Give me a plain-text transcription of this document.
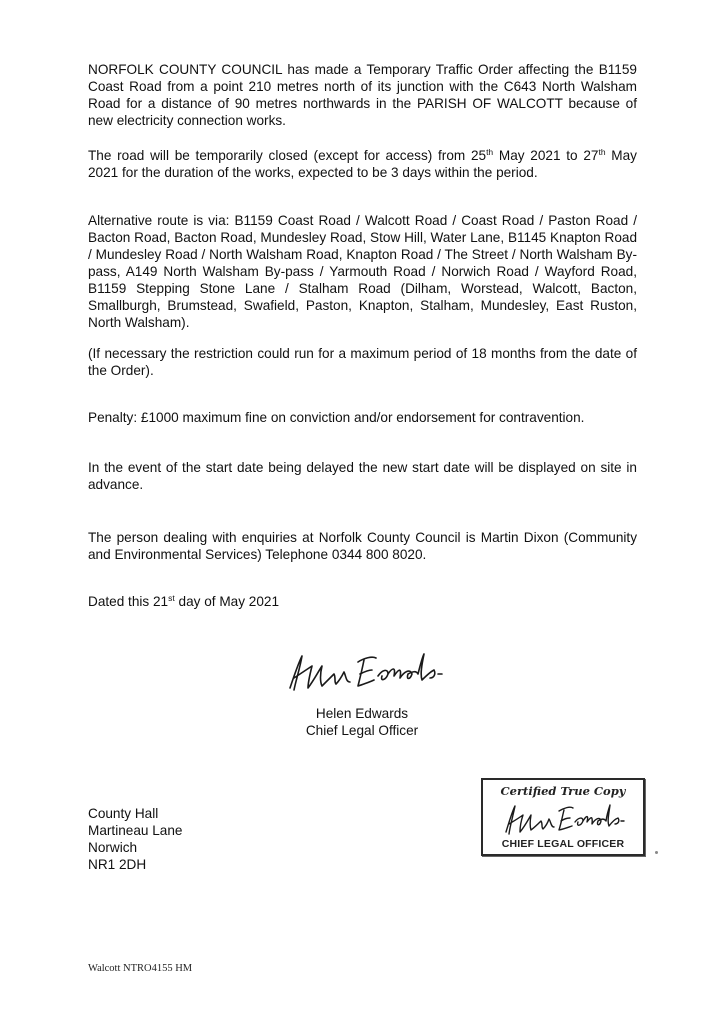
NORFOLK COUNTY COUNCIL has made a Temporary Traffic Order affecting the B1159 Coast Road from a point 210 metres north of its junction with the C643 North Walsham Road for a distance of 90 metres northwards in the PARISH OF WALCOTT because of new electricity connection works.

The road will be temporarily closed (except for access) from 25th May 2021 to 27th May 2021 for the duration of the works, expected to be 3 days within the period.

Alternative route is via: B1159 Coast Road / Walcott Road / Coast Road / Paston Road / Bacton Road, Bacton Road, Mundesley Road, Stow Hill, Water Lane, B1145 Knapton Road / Mundesley Road / North Walsham Road, Knapton Road / The Street / North Walsham By-pass, A149 North Walsham By-pass / Yarmouth Road / Norwich Road / Wayford Road, B1159 Stepping Stone Lane / Stalham Road (Dilham, Worstead, Walcott, Bacton, Smallburgh, Brumstead, Swafield, Paston, Knapton, Stalham, Mundesley, East Ruston, North Walsham).

(If necessary the restriction could run for a maximum period of 18 months from the date of the Order).

Penalty: £1000 maximum fine on conviction and/or endorsement for contravention.

In the event of the start date being delayed the new start date will be displayed on site in advance.

The person dealing with enquiries at Norfolk County Council is Martin Dixon (Community and Environmental Services) Telephone 0344 800 8020.

Dated this 21st day of May 2021

Helen Edwards
Chief Legal Officer
Certified True Copy
CHIEF LEGAL OFFICER
County Hall
Martineau Lane
Norwich
NR1 2DH
Walcott NTRO4155 HM
